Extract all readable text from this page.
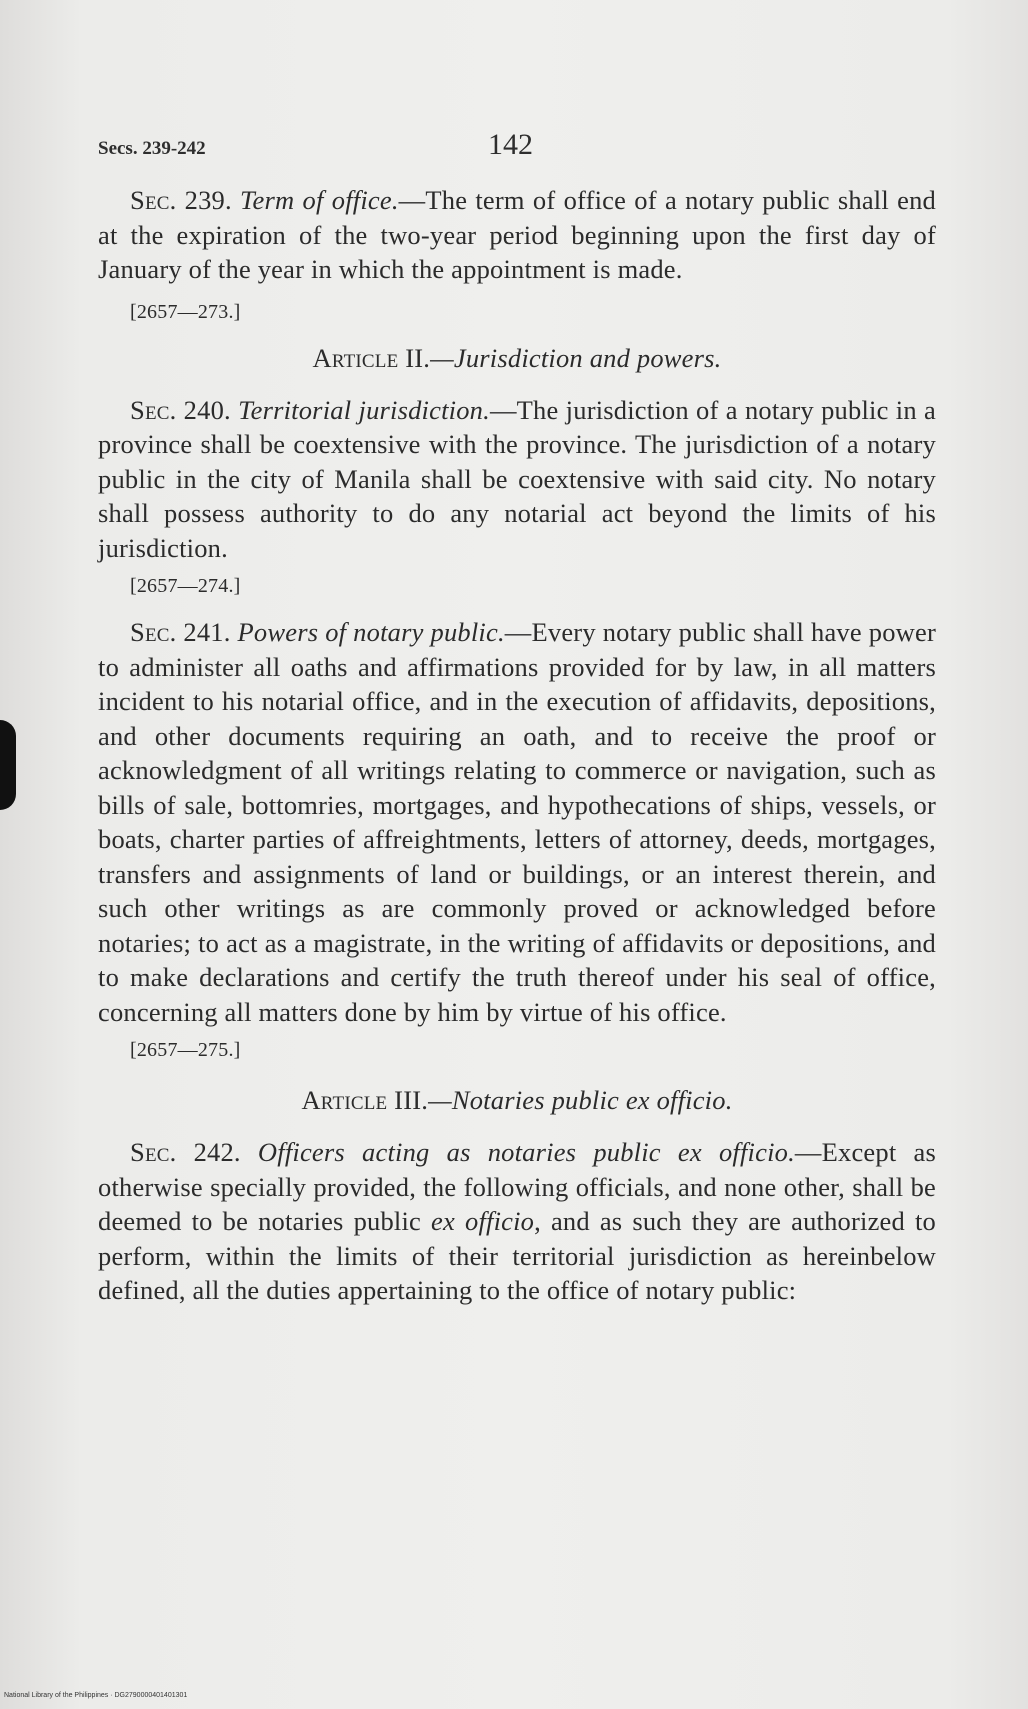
Secs. 239-242	142

Sec. 239. Term of office.—The term of office of a notary public shall end at the expiration of the two-year period beginning upon the first day of January of the year in which the appointment is made.

[2657—273.]

Article II.—Jurisdiction and powers.

Sec. 240. Territorial jurisdiction.—The jurisdiction of a notary public in a province shall be coextensive with the province. The jurisdiction of a notary public in the city of Manila shall be coextensive with said city. No notary shall possess authority to do any notarial act beyond the limits of his jurisdiction.

[2657—274.]

Sec. 241. Powers of notary public.—Every notary public shall have power to administer all oaths and affirmations provided for by law, in all matters incident to his notarial office, and in the execution of affidavits, depositions, and other documents requiring an oath, and to receive the proof or acknowledgment of all writings relating to commerce or navigation, such as bills of sale, bottomries, mortgages, and hypothecations of ships, vessels, or boats, charter parties of affreightments, letters of attorney, deeds, mortgages, transfers and assignments of land or buildings, or an interest therein, and such other writings as are commonly proved or acknowledged before notaries; to act as a magistrate, in the writing of affidavits or depositions, and to make declarations and certify the truth thereof under his seal of office, concerning all matters done by him by virtue of his office.

[2657—275.]

Article III.—Notaries public ex officio.

Sec. 242. Officers acting as notaries public ex officio.—Except as otherwise specially provided, the following officials, and none other, shall be deemed to be notaries public ex officio, and as such they are authorized to perform, within the limits of their territorial jurisdiction as hereinbelow defined, all the duties appertaining to the office of notary public:

National Library of the Philippines · DG2790000401401301
